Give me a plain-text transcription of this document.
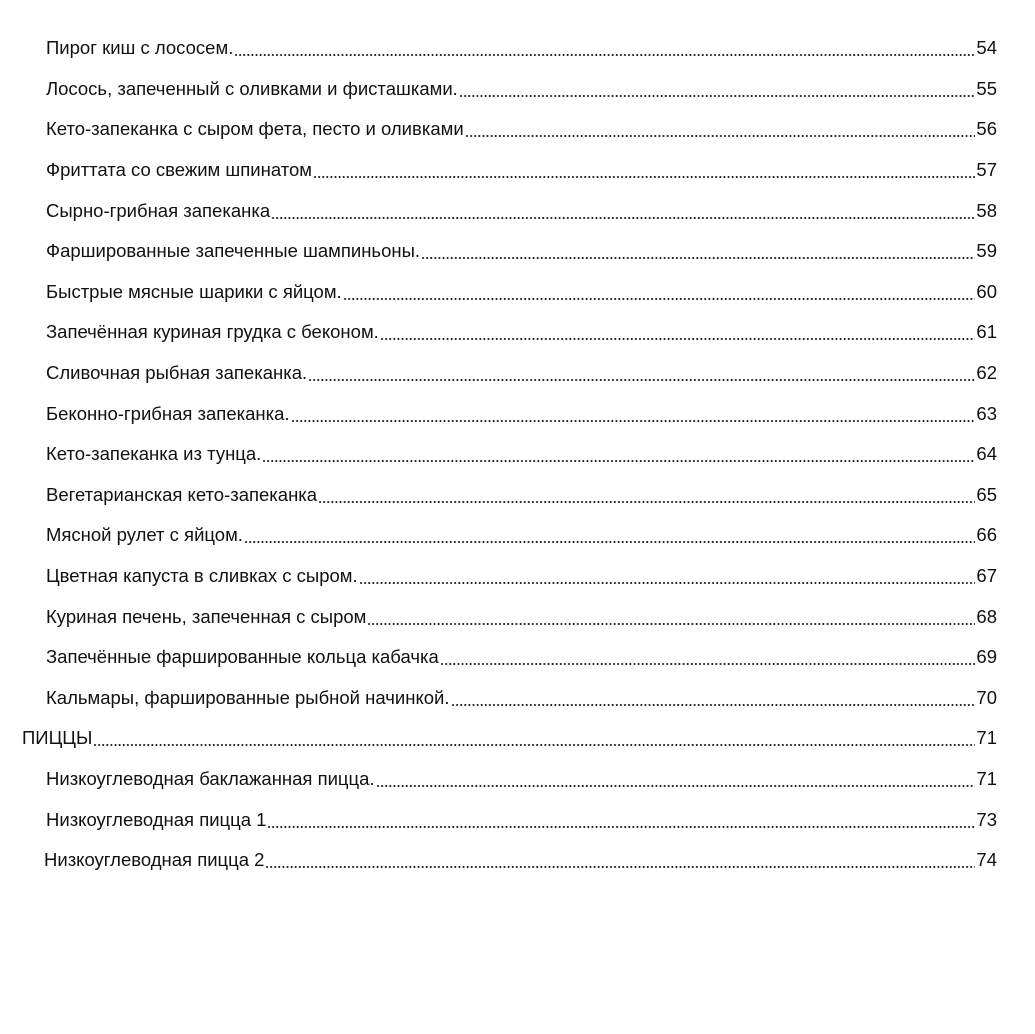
Пирог киш с лососем.	54
Лосось, запеченный с оливками и фисташками.	55
Кето-запеканка с сыром фета, песто и оливками	56
Фриттата со свежим шпинатом	57
Сырно-грибная запеканка	58
Фаршированные запеченные шампиньоны.	59
Быстрые мясные шарики с яйцом.	60
Запечённая куриная грудка с беконом.	61
Сливочная рыбная запеканка.	62
Беконно-грибная запеканка.	63
Кето-запеканка из тунца.	64
Вегетарианская кето-запеканка	65
Мясной рулет с яйцом.	66
Цветная капуста в сливках с сыром.	67
Куриная печень, запеченная с сыром	68
Запечённые фаршированные кольца кабачка	69
Кальмары, фаршированные рыбной начинкой.	70
ПИЦЦЫ	71
Низкоуглеводная баклажанная пицца.	71
Низкоуглеводная пицца 1	73
Низкоуглеводная пицца 2	74
